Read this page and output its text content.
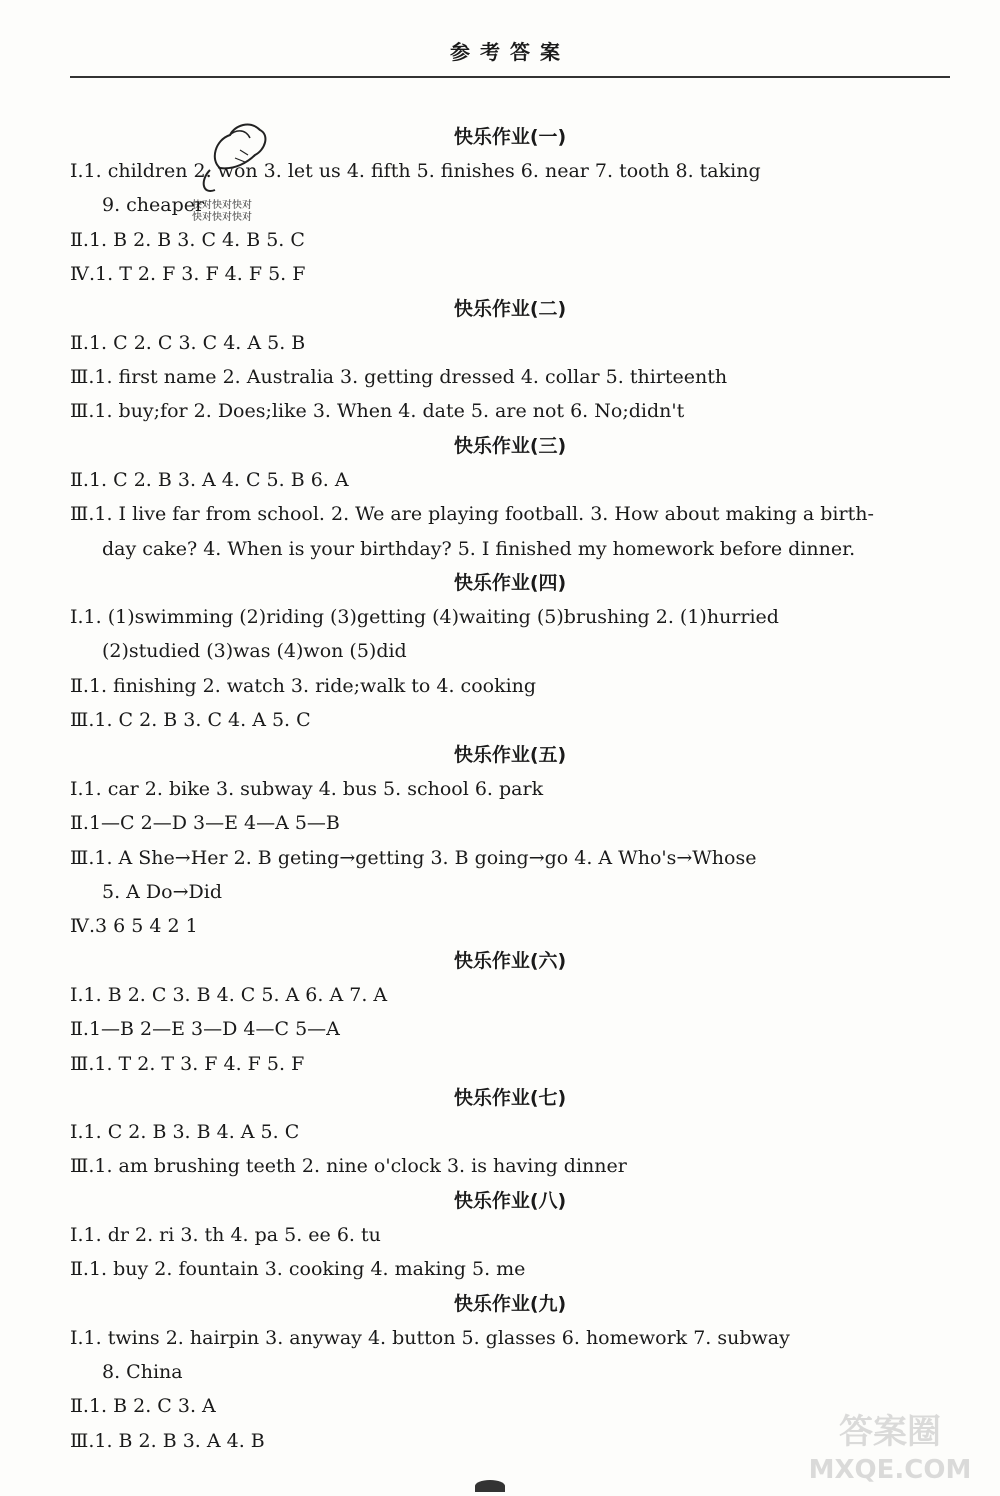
参考答案
快对快对快对
快对快对快对
快乐作业(一)
Ⅰ.1. children 2. won 3. let us 4. fifth 5. finishes 6. near 7. tooth 8. taking
9. cheaper
Ⅱ.1. B 2. B 3. C 4. B 5. C
Ⅳ.1. T 2. F 3. F 4. F 5. F
快乐作业(二)
Ⅱ.1. C 2. C 3. C 4. A 5. B
Ⅲ.1. first name 2. Australia 3. getting dressed 4. collar 5. thirteenth
Ⅲ.1. buy;for 2. Does;like 3. When 4. date 5. are not 6. No;didn't
快乐作业(三)
Ⅱ.1. C 2. B 3. A 4. C 5. B 6. A
Ⅲ.1. I live far from school. 2. We are playing football. 3. How about making a birth-
day cake? 4. When is your birthday? 5. I finished my homework before dinner.
快乐作业(四)
Ⅰ.1. (1)swimming (2)riding (3)getting (4)waiting (5)brushing 2. (1)hurried
(2)studied (3)was (4)won (5)did
Ⅱ.1. finishing 2. watch 3. ride;walk to 4. cooking
Ⅲ.1. C 2. B 3. C 4. A 5. C
快乐作业(五)
Ⅰ.1. car 2. bike 3. subway 4. bus 5. school 6. park
Ⅱ.1—C 2—D 3—E 4—A 5—B
Ⅲ.1. A She→Her 2. B geting→getting 3. B going→go 4. A Who's→Whose
5. A Do→Did
Ⅳ.3 6 5 4 2 1
快乐作业(六)
Ⅰ.1. B 2. C 3. B 4. C 5. A 6. A 7. A
Ⅱ.1—B 2—E 3—D 4—C 5—A
Ⅲ.1. T 2. T 3. F 4. F 5. F
快乐作业(七)
Ⅰ.1. C 2. B 3. B 4. A 5. C
Ⅲ.1. am brushing teeth 2. nine o'clock 3. is having dinner
快乐作业(八)
Ⅰ.1. dr 2. ri 3. th 4. pa 5. ee 6. tu
Ⅱ.1. buy 2. fountain 3. cooking 4. making 5. me
快乐作业(九)
Ⅰ.1. twins 2. hairpin 3. anyway 4. button 5. glasses 6. homework 7. subway
8. China
Ⅱ.1. B 2. C 3. A
Ⅲ.1. B 2. B 3. A 4. B	答案圈
MXQE.COM
